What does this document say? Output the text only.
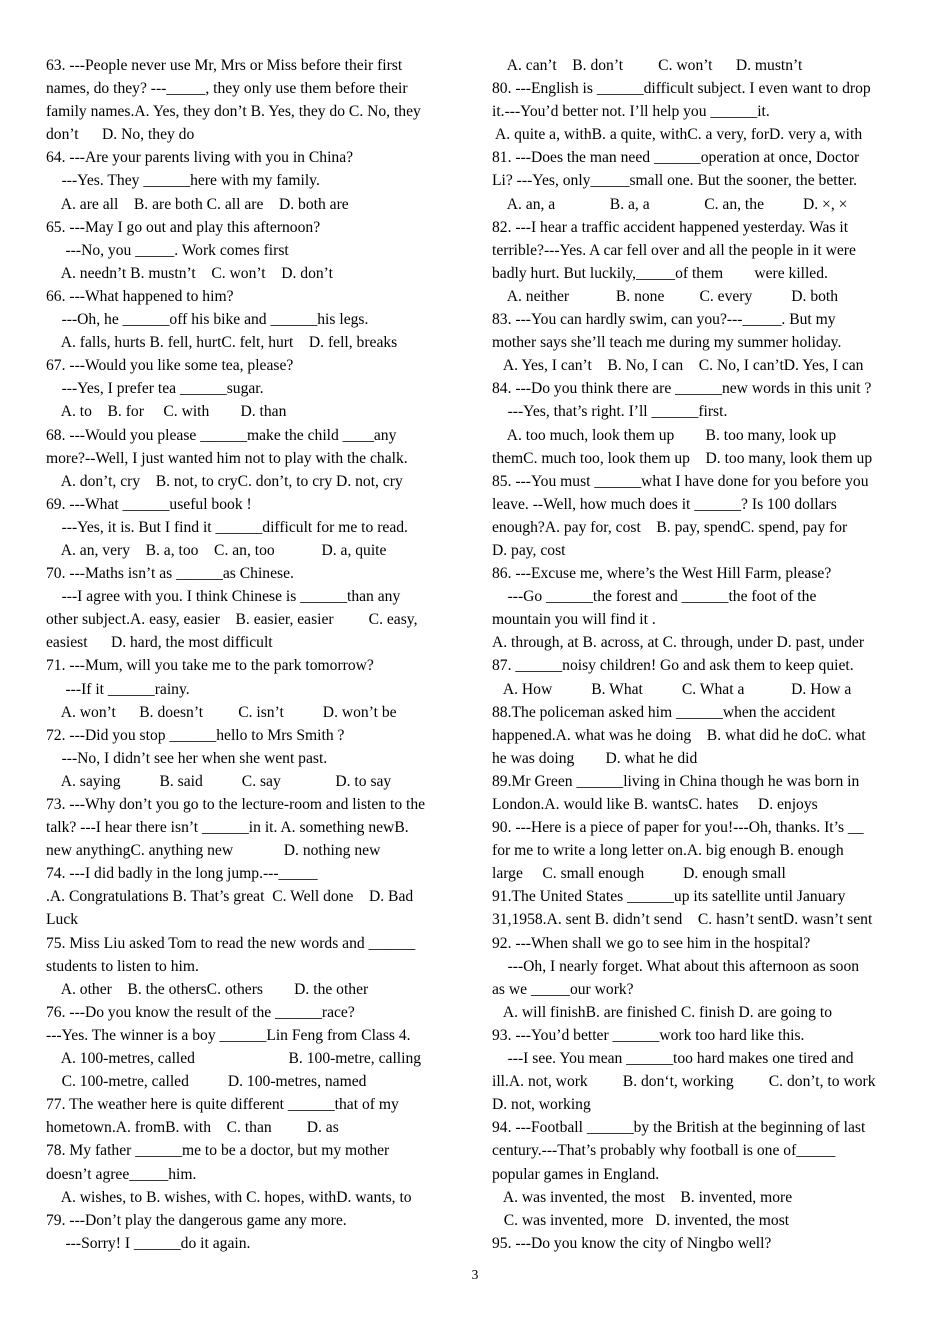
63. ---People never use Mr, Mrs or Miss before their first
names, do they? ---_____, they only use them before their
family names.A. Yes, they don’t B. Yes, they do C. No, they
don’t      D. No, they do
64. ---Are your parents living with you in China?
---Yes. They ______here with my family.
A. are all    B. are both C. all are    D. both are
65. ---May I go out and play this afternoon?
---No, you _____. Work comes first
A. needn’t B. mustn’t    C. won’t    D. don’t
66. ---What happened to him?
---Oh, he ______off his bike and ______his legs.
A. falls, hurts B. fell, hurtC. felt, hurt    D. fell, breaks
67. ---Would you like some tea, please?
---Yes, I prefer tea ______sugar.
A. to    B. for     C. with        D. than
68. ---Would you please ______make the child ____any
more?--Well, I just wanted him not to play with the chalk.
A. don’t, cry    B. not, to cryC. don’t, to cry D. not, cry
69. ---What ______useful book !
---Yes, it is. But I find it ______difficult for me to read.
A. an, very    B. a, too    C. an, too            D. a, quite
70. ---Maths isn’t as ______as Chinese.
---I agree with you. I think Chinese is ______than any
other subject.A. easy, easier    B. easier, easier         C. easy,
easiest      D. hard, the most difficult
71. ---Mum, will you take me to the park tomorrow?
---If it ______rainy.
A. won’t      B. doesn’t         C. isn’t          D. won’t be
72. ---Did you stop ______hello to Mrs Smith ?
---No, I didn’t see her when she went past.
A. saying          B. said          C. say              D. to say
73. ---Why don’t you go to the lecture-room and listen to the
talk? ---I hear there isn’t ______in it. A. something newB.
new anythingC. anything new             D. nothing new
74. ---I did badly in the long jump.---_____
.A. Congratulations B. That’s great  C. Well done    D. Bad
Luck
75. Miss Liu asked Tom to read the new words and ______
students to listen to him.
A. other    B. the othersC. others        D. the other
76. ---Do you know the result of the ______race?
---Yes. The winner is a boy ______Lin Feng from Class 4.
A. 100-metres, called                        B. 100-metre, calling
C. 100-metre, called          D. 100-metres, named
77. The weather here is quite different ______that of my
hometown.A. fromB. with    C. than         D. as
78. My father ______me to be a doctor, but my mother
doesn’t agree_____him.
A. wishes, to B. wishes, with C. hopes, withD. wants, to
79. ---Don’t play the dangerous game any more.
---Sorry! I ______do it again.
A. can’t    B. don’t         C. won’t      D. mustn’t
80. ---English is ______difficult subject. I even want to drop
it.---You’d better not. I’ll help you ______it.
A. quite a, withB. a quite, withC. a very, forD. very a, with
81. ---Does the man need ______operation at once, Doctor
Li? ---Yes, only_____small one. But the sooner, the better.
A. an, a              B. a, a              C. an, the          D. ×, ×
82. ---I hear a traffic accident happened yesterday. Was it
terrible?---Yes. A car fell over and all the people in it were
badly hurt. But luckily,_____of them        were killed.
A. neither            B. none         C. every          D. both
83. ---You can hardly swim, can you?---_____. But my
mother says she’ll teach me during my summer holiday.
A. Yes, I can’t    B. No, I can    C. No, I can’tD. Yes, I can
84. ---Do you think there are ______new words in this unit ?
---Yes, that’s right. I’ll ______first.
A. too much, look them up        B. too many, look up
themC. much too, look them up    D. too many, look them up
85. ---You must ______what I have done for you before you
leave. --Well, how much does it ______? Is 100 dollars
enough?A. pay for, cost    B. pay, spendC. spend, pay for
D. pay, cost
86. ---Excuse me, where’s the West Hill Farm, please?
---Go ______the forest and ______the foot of the
mountain you will find it .
A. through, at B. across, at C. through, under D. past, under
87. ______noisy children! Go and ask them to keep quiet.
A. How          B. What          C. What a            D. How a
88.The policeman asked him ______when the accident
happened.A. what was he doing    B. what did he doC. what
he was doing        D. what he did
89.Mr Green ______living in China though he was born in
London.A. would like B. wantsC. hates     D. enjoys
90. ---Here is a piece of paper for you!---Oh, thanks. It’s __
for me to write a long letter on.A. big enough B. enough
large     C. small enough          D. enough small
91.The United States ______up its satellite until January
31,1958.A. sent B. didn’t send    C. hasn’t sentD. wasn’t sent
92. ---When shall we go to see him in the hospital?
---Oh, I nearly forget. What about this afternoon as soon
as we _____our work?
A. will finishB. are finished C. finish D. are going to
93. ---You’d better ______work too hard like this.
---I see. You mean ______too hard makes one tired and
ill.A. not, work         B. don‘t, working         C. don’t, to work
D. not, working
94. ---Football ______by the British at the beginning of last
century.---That’s probably why football is one of_____
popular games in England.
A. was invented, the most    B. invented, more
C. was invented, more   D. invented, the most
95. ---Do you know the city of Ningbo well?
3
